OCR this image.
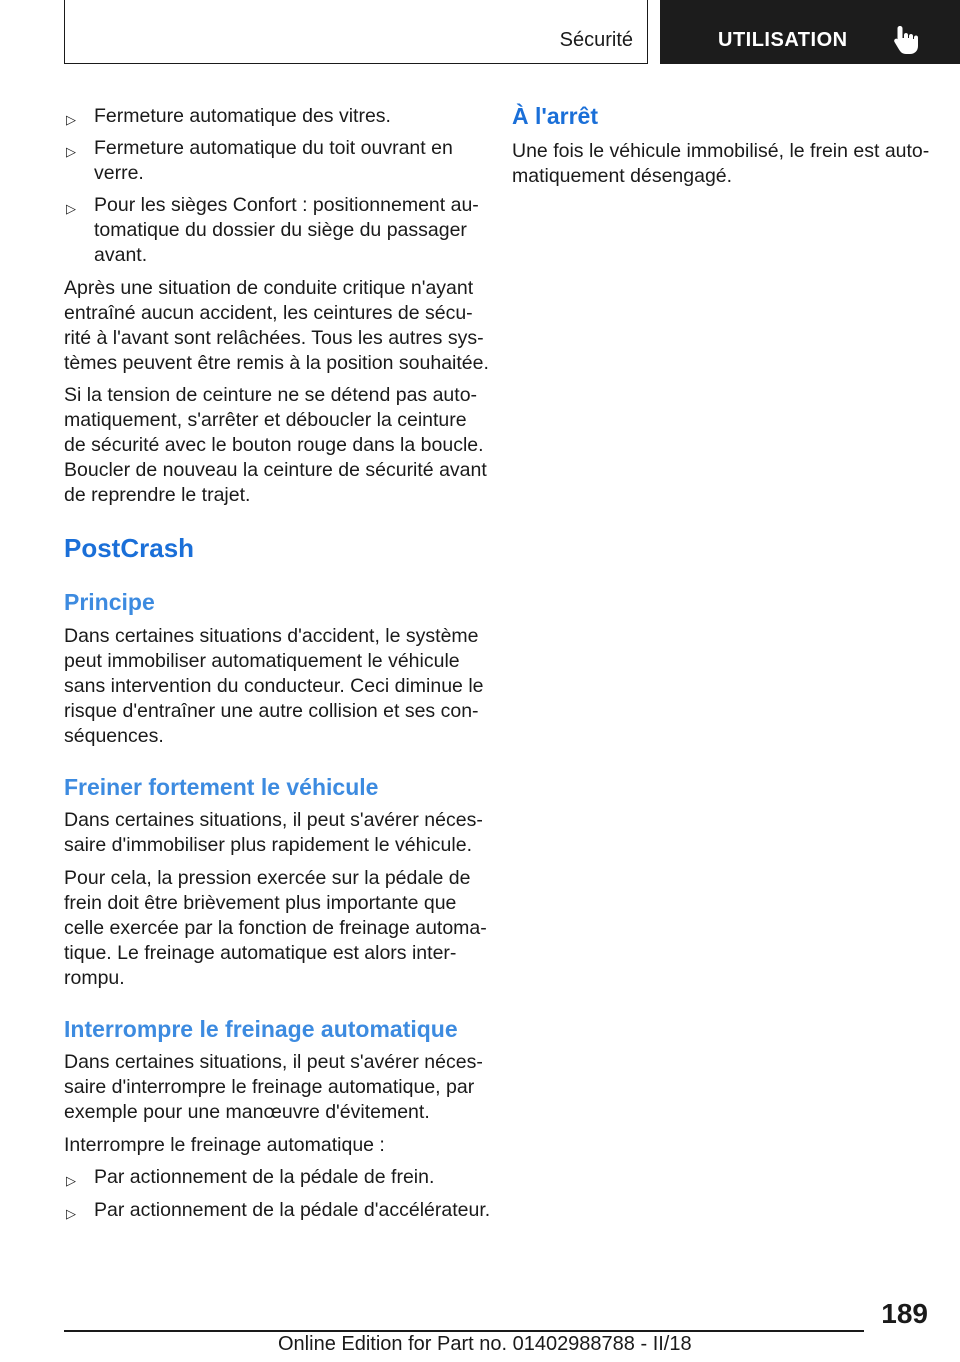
Sécurité	UTILISATION
▷ Fermeture automatique des vitres.

▷ Fermeture automatique du toit ouvrant en

verre.

▷ Pour les sièges Confort : positionnement au‐

tomatique du dossier du siège du passager

avant.

Après une situation de conduite critique n'ayant

entraîné aucun accident, les ceintures de sécu‐

rité à l'avant sont relâchées. Tous les autres sys‐

tèmes peuvent être remis à la position souhaitée.

Si la tension de ceinture ne se détend pas auto‐

matiquement, s'arrêter et déboucler la ceinture

de sécurité avec le bouton rouge dans la boucle.

Boucler de nouveau la ceinture de sécurité avant

de reprendre le trajet.

PostCrash
Principe

Dans certaines situations d'accident, le système

peut immobiliser automatiquement le véhicule

sans intervention du conducteur. Ceci diminue le

risque d'entraîner une autre collision et ses con‐

séquences.

Freiner fortement le véhicule

Dans certaines situations, il peut s'avérer néces‐

saire d'immobiliser plus rapidement le véhicule.

Pour cela, la pression exercée sur la pédale de

frein doit être brièvement plus importante que

celle exercée par la fonction de freinage automa‐

tique. Le freinage automatique est alors inter‐

rompu.

Interrompre le freinage automatique

Dans certaines situations, il peut s'avérer néces‐

saire d'interrompre le freinage automatique, par

exemple pour une manœuvre d'évitement.

Interrompre le freinage automatique :

▷ Par actionnement de la pédale de frein.

▷ Par actionnement de la pédale d'accélérateur.

À l'arrêt

Une fois le véhicule immobilisé, le frein est auto‐

matiquement désengagé.

189
Online Edition for Part no. 01402988788 - II/18
